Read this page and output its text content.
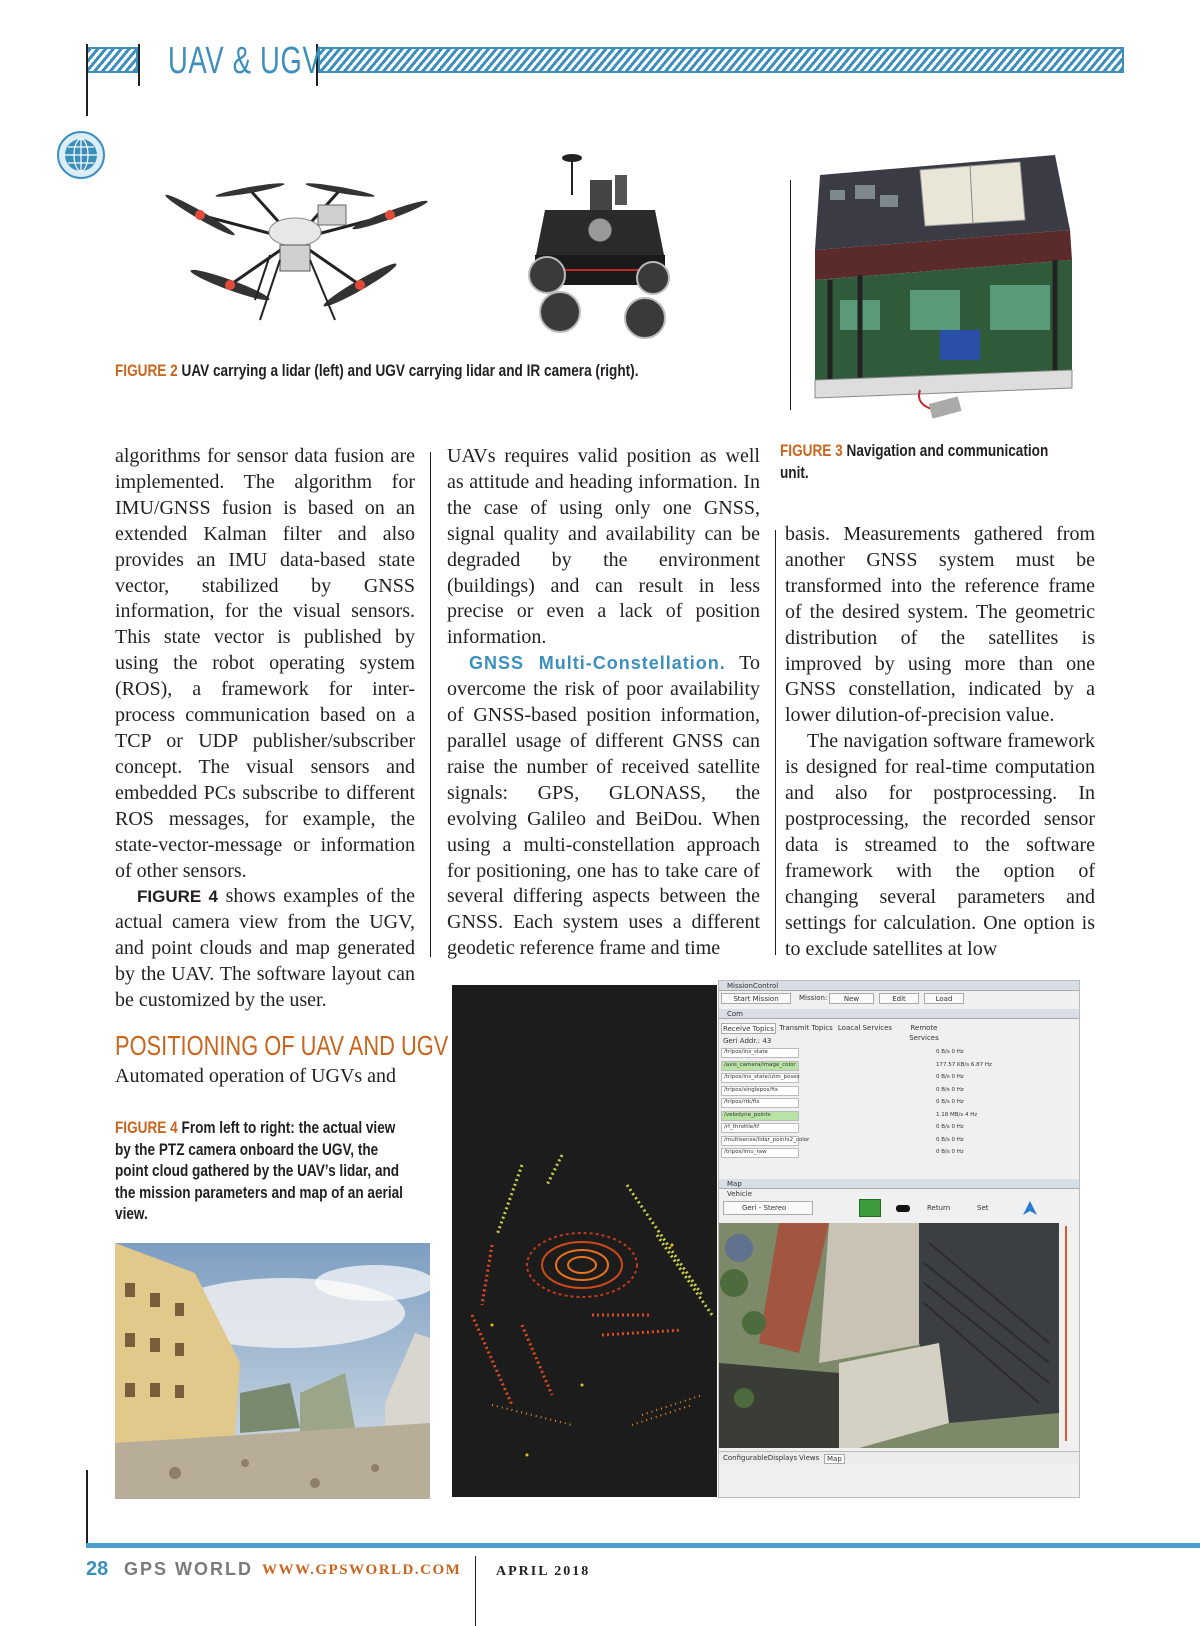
UAV & UGV
FIGURE 2 UAV carrying a lidar (left) and UGV carrying lidar and IR camera (right).
FIGURE 3 Navigation and communication
unit.

algorithms for sensor data fusion are implemented. The algorithm for IMU/GNSS fusion is based on an extended Kalman filter and also provides an IMU data-based state vector, stabilized by GNSS information, for the visual sensors. This state vector is published by using the robot operating system (ROS), a framework for inter-process communication based on a TCP or UDP publisher/subscriber concept. The visual sensors and embedded PCs subscribe to different ROS messages, for example, the state-vector-message or information of other sensors.

FIGURE 4 shows examples of the actual camera view from the UGV, and point clouds and map generated by the UAV. The software layout can be customized by the user.

POSITIONING OF UAV AND UGV

Automated operation of UGVs and

UAVs requires valid position as well as attitude and heading information. In the case of using only one GNSS, signal quality and availability can be degraded by the environment (buildings) and can result in less precise or even a lack of position information.

GNSS Multi-Constellation. To overcome the risk of poor availability of GNSS-based position information, parallel usage of different GNSS can raise the number of received satellite signals: GPS, GLONASS, the evolving Galileo and BeiDou. When using a multi-constellation approach for positioning, one has to take care of several differing aspects between the GNSS. Each system uses a different geodetic reference frame and time

basis. Measurements gathered from another GNSS system must be transformed into the reference frame of the desired system. The geometric distribution of the satellites is improved by using more than one GNSS constellation, indicated by a lower dilution-of-precision value.

The navigation software framework is designed for real-time computation and also for postprocessing. In postprocessing, the recorded sensor data is streamed to the software framework with the option of changing several parameters and settings for calculation. One option is to exclude satellites at low

FIGURE 4 From left to right: the actual view
by the PTZ camera onboard the UGV, the
point cloud gathered by the UAV’s lidar, and
the mission parameters and map of an aerial
view.
MissionControl
Start Mission	Mission:	New	Edit	Load
Com
Receive Topics Transmit Topics Loacal Services	Remote Services
Geri Addr.: 43
/tripos/ins_state	0 B/s 0 Hz
/axis_camera/image_color	177.57 KB/s 6.87 Hz
/tripos/ins_state/utm_poses	0 B/s 0 Hz
/tripos/singlepos/fix	0 B/s 0 Hz
/tripos/rtk/fix	0 B/s 0 Hz
/velodyne_points	1.18 MB/s 4 Hz
/rf_throttle/tf	0 B/s 0 Hz
/multisense/lidar_points2_color	0 B/s 0 Hz
/tripos/imu_raw	0 B/s 0 Hz
Map
Vehicle
Geri - Stereo	Return	Set
ConfigurableDisplays Views	Map
28 GPS WORLD WWW.GPSWORLD.COM APRIL 2018
